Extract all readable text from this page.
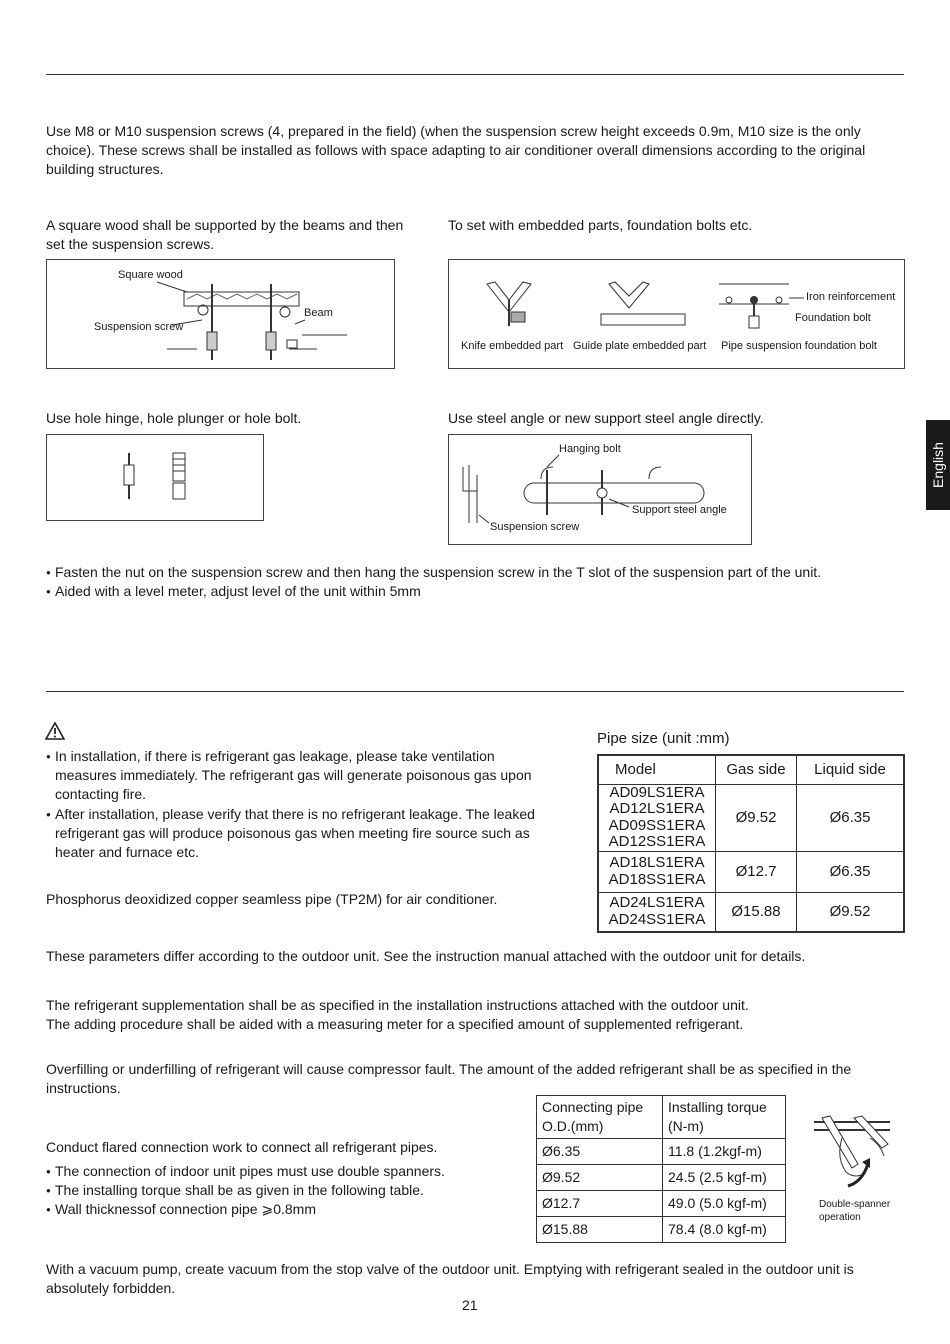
Use M8 or M10 suspension screws (4, prepared in the field) (when the suspension screw height exceeds 0.9m, M10 size is the only choice). These screws shall be installed as follows with space adapting to air conditioner overall dimensions according to the original building structures.
A square wood shall be supported by the beams and then set the suspension screws.
To set with embedded parts, foundation bolts etc.
Square wood
Beam
Suspension screw
Iron reinforcement
Foundation bolt
Knife embedded part Guide plate embedded part Pipe suspension foundation bolt
Use hole hinge, hole plunger or hole bolt.	Use steel angle or new support steel angle directly.
Hanging bolt
Support steel angle
Suspension screw
● Fasten the nut on the suspension screw and then hang the suspension screw in the T slot of the suspension part of the unit.
● Aided with a level meter, adjust level of the unit within 5mm
● In installation, if there is refrigerant gas leakage, please take ventilation measures immediately. The refrigerant gas will generate poisonous gas upon contacting fire.
● After installation, please verify that there is no refrigerant leakage. The leaked refrigerant gas will produce poisonous gas when meeting fire source such as heater and furnace etc.
Pipe size (unit :mm)
Model	Gas side	Liquid side
AD09LS1ERA
AD12LS1ERA
AD09SS1ERA
AD12SS1ERA	Ø9.52	Ø6.35
AD18LS1ERA
AD18SS1ERA	Ø12.7	Ø6.35
AD24LS1ERA
AD24SS1ERA	Ø15.88	Ø9.52
Phosphorus deoxidized copper seamless pipe (TP2M) for air conditioner.
These parameters differ according to the outdoor unit. See the instruction manual attached with the outdoor unit for details.
The refrigerant supplementation shall be as specified in the installation instructions attached with the outdoor unit.
The adding procedure shall be aided with a measuring meter for a specified amount of supplemented refrigerant.
Overfilling or underfilling of refrigerant will cause compressor fault. The amount of the added refrigerant shall be as specified in the instructions.
Conduct flared connection work to connect all refrigerant pipes.
● The connection of indoor unit pipes must use double spanners.
● The installing torque shall be as given in the following table.
● Wall thicknessof connection pipe ⩾0.8mm
Connecting pipe O.D.(mm)	Installing torque (N-m)
Ø6.35	11.8 (1.2kgf-m)
Ø9.52	24.5 (2.5 kgf-m)
Ø12.7	49.0 (5.0 kgf-m)
Ø15.88	78.4 (8.0 kgf-m)
Double-spanner operation
With a vacuum pump, create vacuum from the stop valve of the outdoor unit. Emptying with refrigerant sealed in the outdoor unit is absolutely forbidden.
21
English
